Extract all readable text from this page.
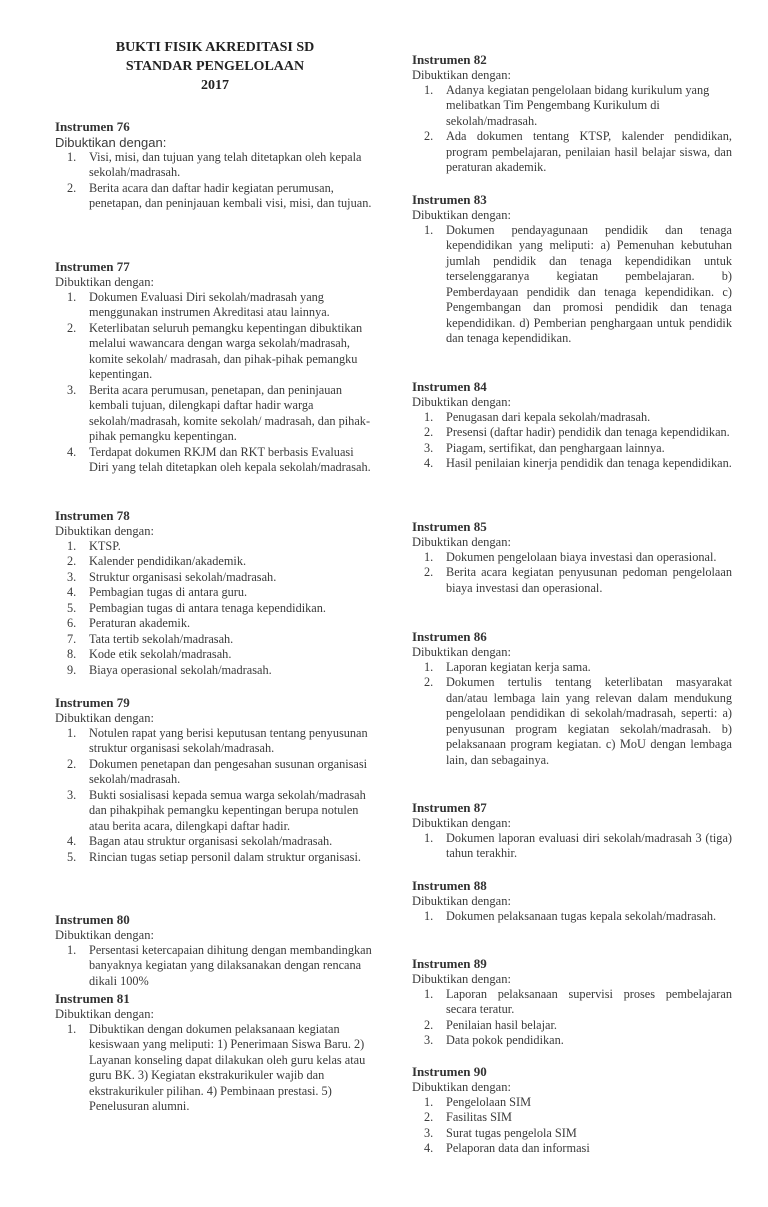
BUKTI FISIK AKREDITASI SD
STANDAR PENGELOLAAN
2017
Instrumen 76
Dibuktikan dengan:
1.	Visi, misi, dan tujuan yang telah ditetapkan oleh kepala sekolah/madrasah.
2.	Berita acara dan daftar hadir kegiatan perumusan, penetapan, dan peninjauan kembali visi, misi, dan tujuan.
Instrumen 77
Dibuktikan dengan:
1.	Dokumen Evaluasi Diri sekolah/madrasah yang menggunakan instrumen Akreditasi atau lainnya.
2.	Keterlibatan seluruh pemangku kepentingan dibuktikan melalui wawancara dengan warga sekolah/madrasah, komite sekolah/ madrasah, dan pihak-pihak pemangku kepentingan.
3.	Berita acara perumusan, penetapan, dan peninjauan kembali tujuan, dilengkapi daftar hadir warga sekolah/madrasah, komite sekolah/ madrasah, dan pihak-pihak pemangku kepentingan.
4.	Terdapat dokumen RKJM dan RKT berbasis Evaluasi Diri yang telah ditetapkan oleh kepala sekolah/madrasah.
Instrumen 78
Dibuktikan dengan:
1.	KTSP.
2.	Kalender pendidikan/akademik.
3.	Struktur organisasi sekolah/madrasah.
4.	Pembagian tugas di antara guru.
5.	Pembagian tugas di antara tenaga kependidikan.
6.	Peraturan akademik.
7.	Tata tertib sekolah/madrasah.
8.	Kode etik sekolah/madrasah.
9.	Biaya operasional sekolah/madrasah.
Instrumen 79
Dibuktikan dengan:
1.	Notulen rapat yang berisi keputusan tentang penyusunan struktur organisasi sekolah/madrasah.
2.	Dokumen penetapan dan pengesahan susunan organisasi sekolah/madrasah.
3.	Bukti sosialisasi kepada semua warga sekolah/madrasah dan pihakpihak pemangku kepentingan berupa notulen atau berita acara, dilengkapi daftar hadir.
4.	Bagan atau struktur organisasi sekolah/madrasah.
5.	Rincian tugas setiap personil dalam struktur organisasi.
Instrumen 80
Dibuktikan dengan:
1.	Persentasi ketercapaian dihitung dengan membandingkan banyaknya kegiatan yang dilaksanakan dengan rencana dikali 100%
Instrumen 81
Dibuktikan dengan:
1.	Dibuktikan dengan dokumen pelaksanaan kegiatan kesiswaan yang meliputi: 1) Penerimaan Siswa Baru. 2) Layanan konseling dapat dilakukan oleh guru kelas atau guru BK. 3) Kegiatan ekstrakurikuler wajib dan ekstrakurikuler pilihan. 4) Pembinaan prestasi. 5) Penelusuran alumni.
Instrumen 82
Dibuktikan dengan:
1.	Adanya kegiatan pengelolaan bidang kurikulum yang melibatkan Tim Pengembang Kurikulum di sekolah/madrasah.
2.	Ada dokumen tentang KTSP, kalender pendidikan, program pembelajaran, penilaian hasil belajar siswa, dan peraturan akademik.
Instrumen 83
Dibuktikan dengan:
1.	Dokumen pendayagunaan pendidik dan tenaga kependidikan yang meliputi: a) Pemenuhan kebutuhan jumlah pendidik dan tenaga kependidikan untuk terselenggaranya kegiatan pembelajaran. b) Pemberdayaan pendidik dan tenaga kependidikan. c) Pengembangan dan promosi pendidik dan tenaga kependidikan. d) Pemberian penghargaan untuk pendidik dan tenaga kependidikan.
Instrumen 84
Dibuktikan dengan:
1.	Penugasan dari kepala sekolah/madrasah.
2.	Presensi (daftar hadir) pendidik dan tenaga kependidikan.
3.	Piagam, sertifikat, dan penghargaan lainnya.
4.	Hasil penilaian kinerja pendidik dan tenaga kependidikan.
Instrumen 85
Dibuktikan dengan:
1.	Dokumen pengelolaan biaya investasi dan operasional.
2.	Berita acara kegiatan penyusunan pedoman pengelolaan biaya investasi dan operasional.
Instrumen 86
Dibuktikan dengan:
1.	Laporan kegiatan kerja sama.
2.	Dokumen tertulis tentang keterlibatan masyarakat dan/atau lembaga lain yang relevan dalam mendukung pengelolaan pendidikan di sekolah/madrasah, seperti: a) penyusunan program kegiatan sekolah/madrasah. b) pelaksanaan program kegiatan. c) MoU dengan lembaga lain, dan sebagainya.
Instrumen 87
Dibuktikan dengan:
1.	Dokumen laporan evaluasi diri sekolah/madrasah 3 (tiga) tahun terakhir.
Instrumen 88
Dibuktikan dengan:
1.	Dokumen pelaksanaan tugas kepala sekolah/madrasah.
Instrumen 89
Dibuktikan dengan:
1.	Laporan pelaksanaan supervisi proses pembelajaran secara teratur.
2.	Penilaian hasil belajar.
3.	Data pokok pendidikan.
Instrumen 90
Dibuktikan dengan:
1.	Pengelolaan SIM
2.	Fasilitas SIM
3.	Surat tugas pengelola SIM
4.	Pelaporan data dan informasi
